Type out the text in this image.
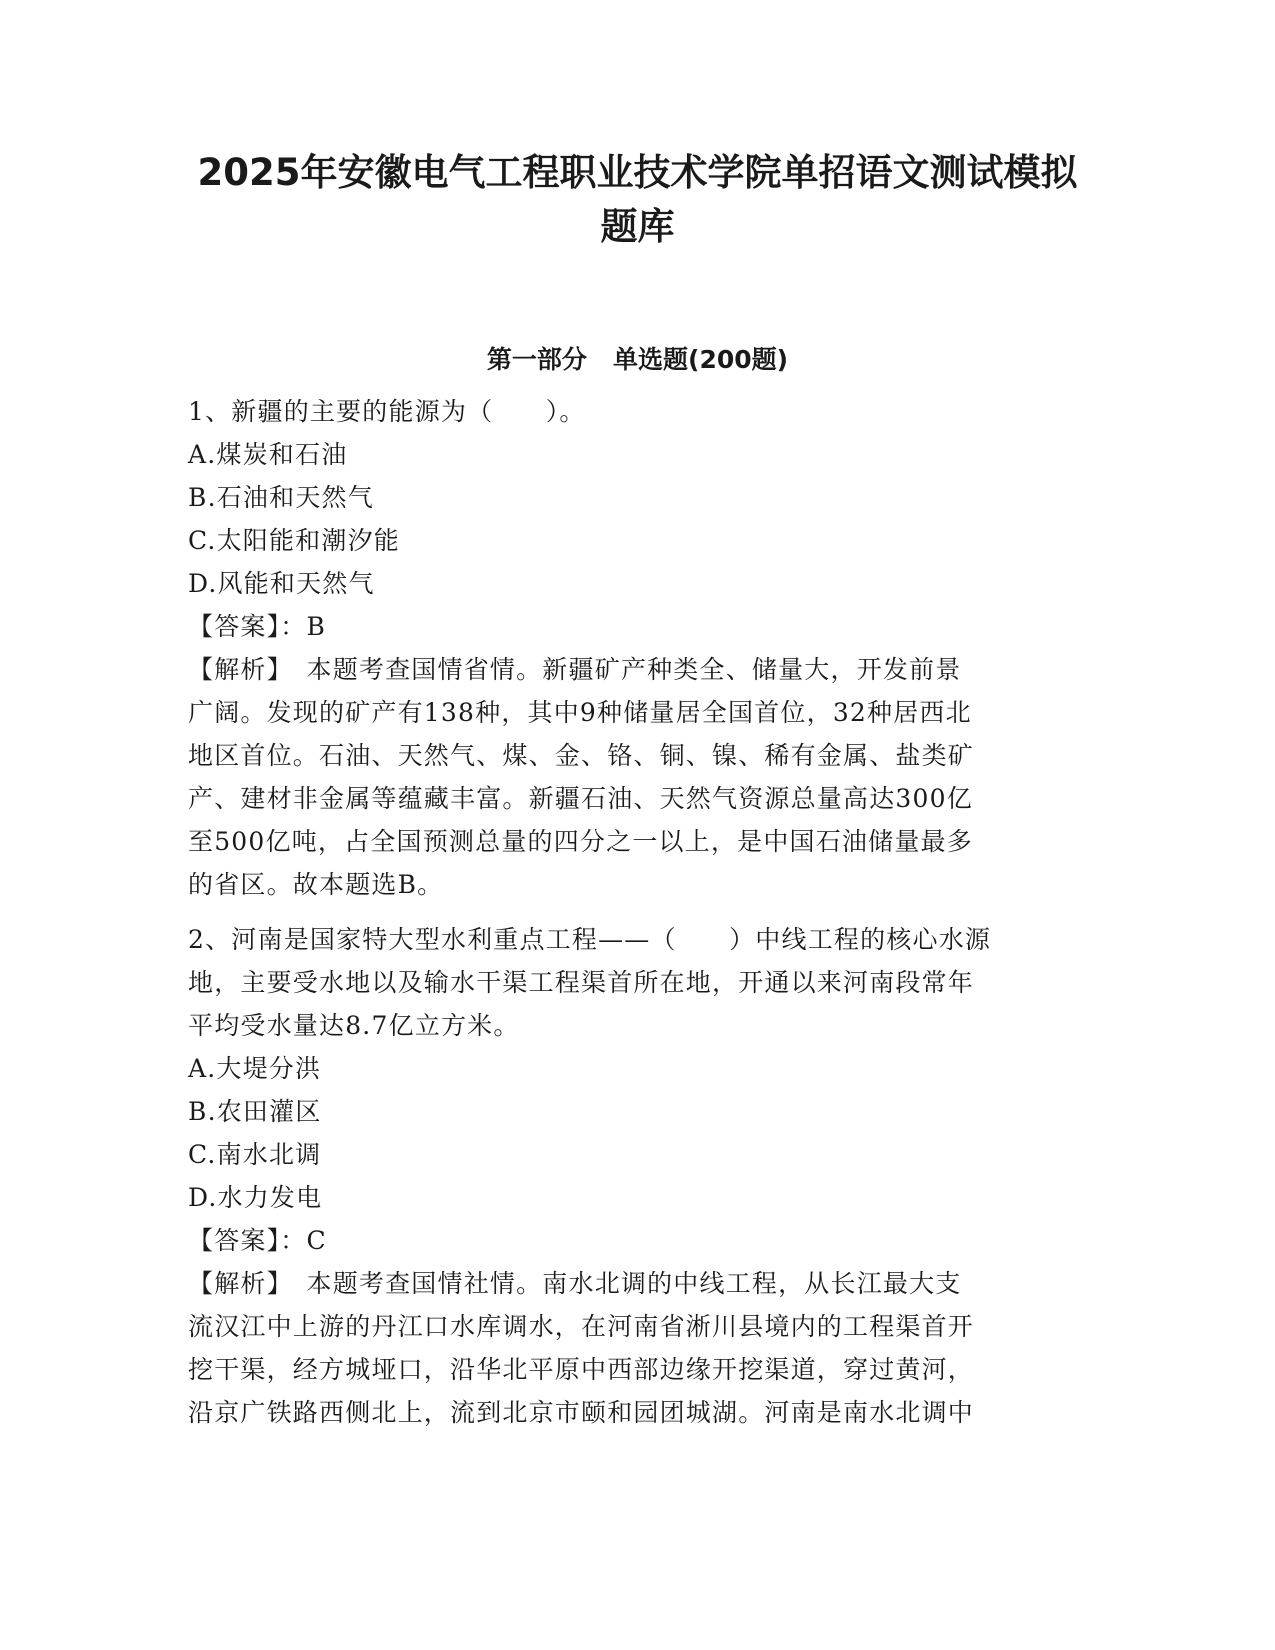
2025年安徽电气工程职业技术学院单招语文测试模拟
题库
第一部分   单选题(200题)
1、新疆的主要的能源为（　　）。
A.煤炭和石油
B.石油和天然气
C.太阳能和潮汐能
D.风能和天然气
【答案】：B
【解析】　本题考查国情省情。新疆矿产种类全、储量大，开发前景
广阔。发现的矿产有138种，其中9种储量居全国首位，32种居西北
地区首位。石油、天然气、煤、金、铬、铜、镍、稀有金属、盐类矿
产、建材非金属等蕴藏丰富。新疆石油、天然气资源总量高达300亿
至500亿吨，占全国预测总量的四分之一以上，是中国石油储量最多
的省区。故本题选B。
2、河南是国家特大型水利重点工程——（　　）中线工程的核心水源
地，主要受水地以及输水干渠工程渠首所在地，开通以来河南段常年
平均受水量达8.7亿立方米。
A.大堤分洪
B.农田灌区
C.南水北调
D.水力发电
【答案】：C
【解析】　本题考查国情社情。南水北调的中线工程，从长江最大支
流汉江中上游的丹江口水库调水，在河南省淅川县境内的工程渠首开
挖干渠，经方城垭口，沿华北平原中西部边缘开挖渠道，穿过黄河，
沿京广铁路西侧北上，流到北京市颐和园团城湖。河南是南水北调中
